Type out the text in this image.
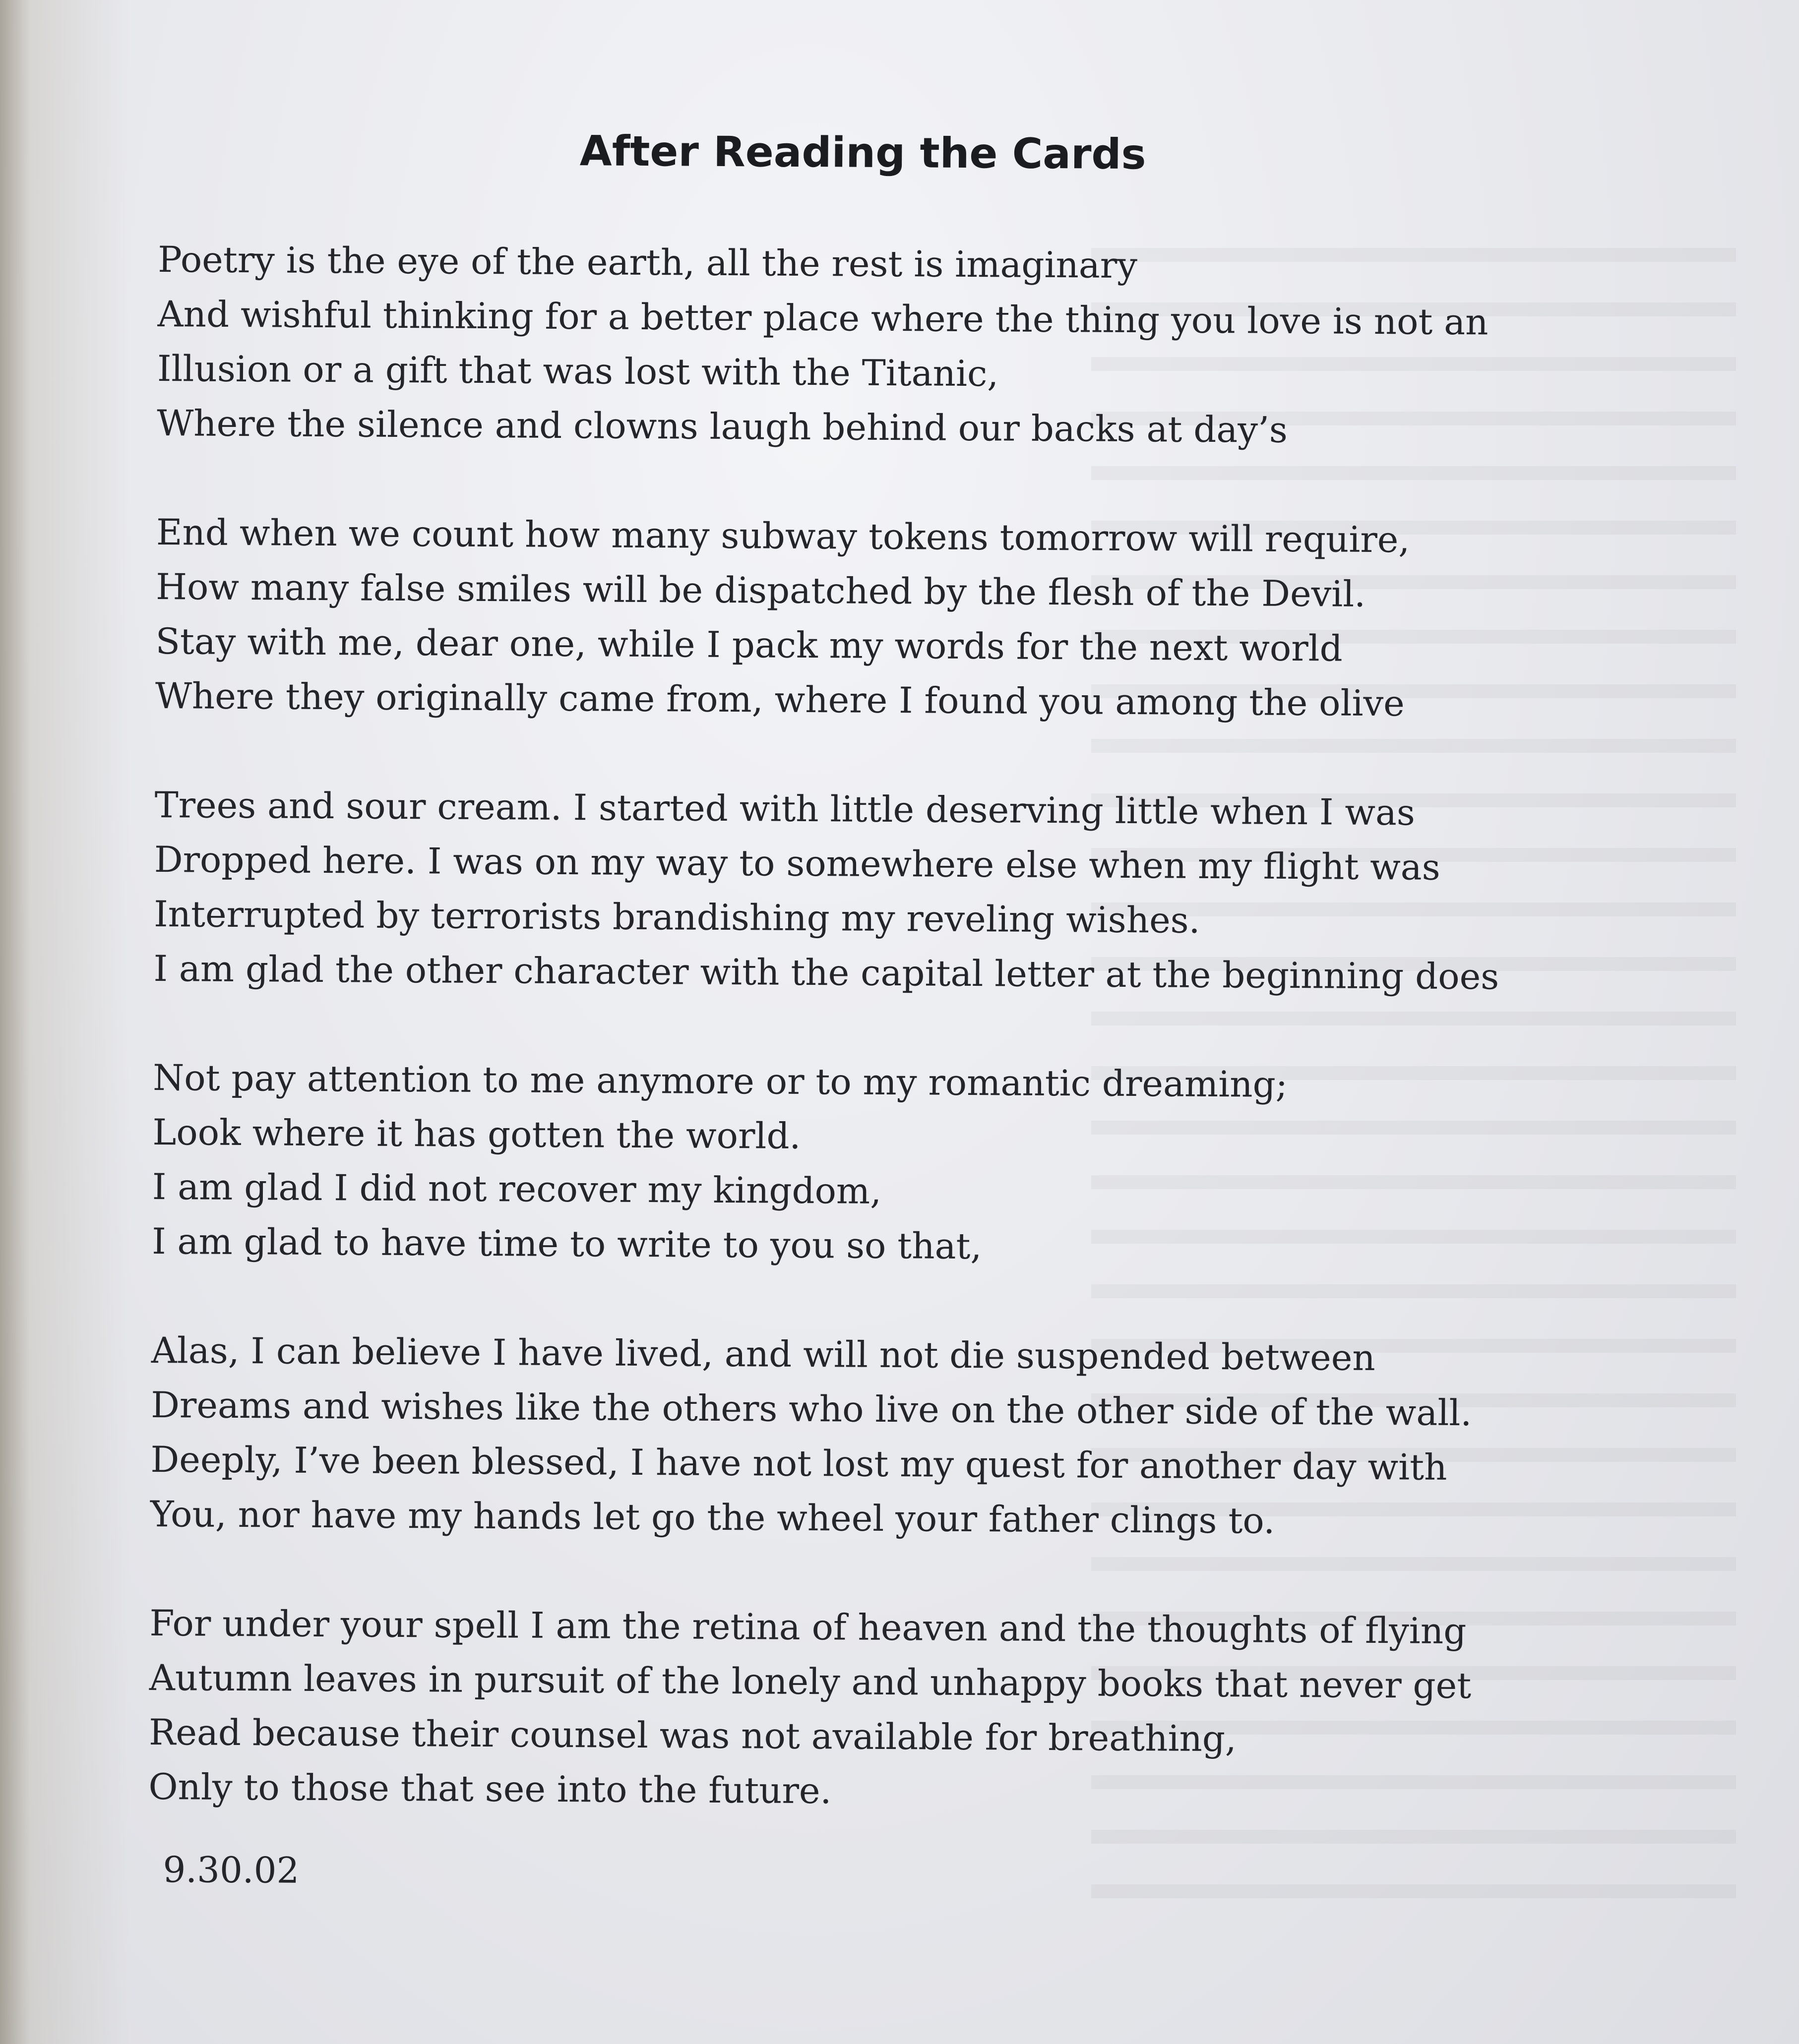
After Reading the Cards
Poetry is the eye of the earth, all the rest is imaginary
And wishful thinking for a better place where the thing you love is not an
Illusion or a gift that was lost with the Titanic,
Where the silence and clowns laugh behind our backs at day’s
End when we count how many subway tokens tomorrow will require,
How many false smiles will be dispatched by the flesh of the Devil.
Stay with me, dear one, while I pack my words for the next world
Where they originally came from, where I found you among the olive
Trees and sour cream. I started with little deserving little when I was
Dropped here. I was on my way to somewhere else when my flight was
Interrupted by terrorists brandishing my reveling wishes.
I am glad the other character with the capital letter at the beginning does
Not pay attention to me anymore or to my romantic dreaming;
Look where it has gotten the world.
I am glad I did not recover my kingdom,
I am glad to have time to write to you so that,
Alas, I can believe I have lived, and will not die suspended between
Dreams and wishes like the others who live on the other side of the wall.
Deeply, I’ve been blessed, I have not lost my quest for another day with
You, nor have my hands let go the wheel your father clings to.
For under your spell I am the retina of heaven and the thoughts of flying
Autumn leaves in pursuit of the lonely and unhappy books that never get
Read because their counsel was not available for breathing,
Only to those that see into the future.
9.30.02
